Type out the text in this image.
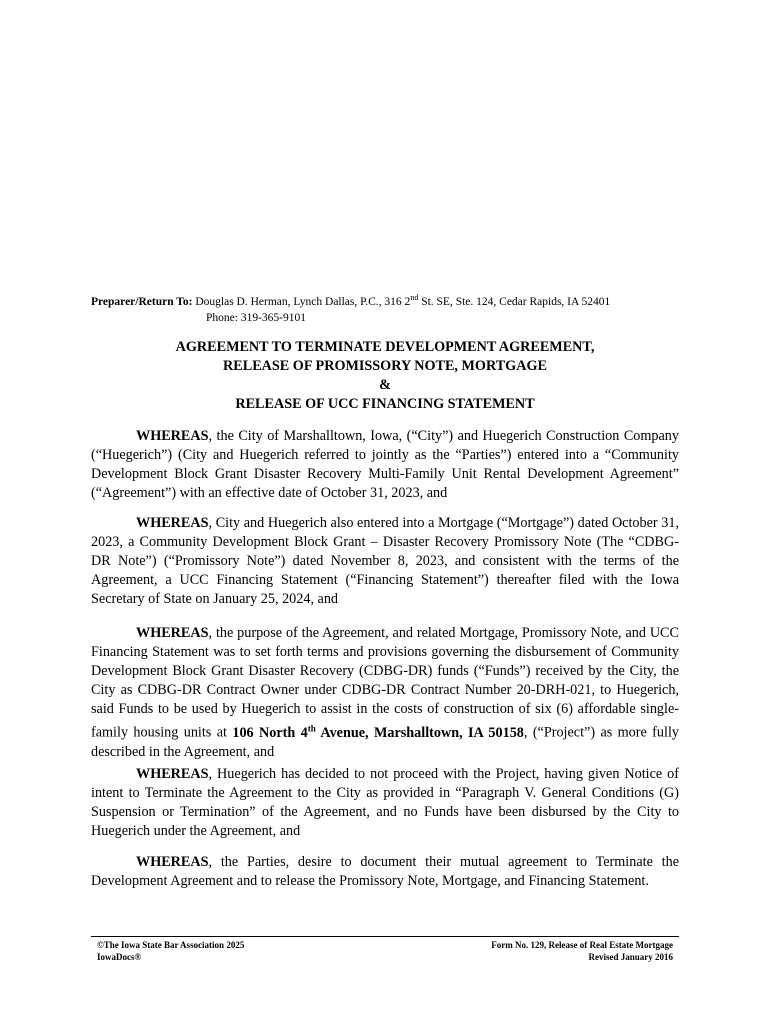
Preparer/Return To: Douglas D. Herman, Lynch Dallas, P.C., 316 2nd St. SE, Ste. 124, Cedar Rapids, IA 52401
Phone: 319-365-9101
AGREEMENT TO TERMINATE DEVELOPMENT AGREEMENT,
RELEASE OF PROMISSORY NOTE, MORTGAGE
&
RELEASE OF UCC FINANCING STATEMENT

WHEREAS, the City of Marshalltown, Iowa, (“City”) and Huegerich Construction Company (“Huegerich”) (City and Huegerich referred to jointly as the “Parties”) entered into a “Community Development Block Grant Disaster Recovery Multi-Family Unit Rental Development Agreement” (“Agreement”) with an effective date of October 31, 2023, and

WHEREAS, City and Huegerich also entered into a Mortgage (“Mortgage”) dated October 31, 2023, a Community Development Block Grant – Disaster Recovery Promissory Note (The “CDBG-DR Note”) (“Promissory Note”) dated November 8, 2023, and consistent with the terms of the Agreement, a UCC Financing Statement (“Financing Statement”) thereafter filed with the Iowa Secretary of State on January 25, 2024, and

WHEREAS, the purpose of the Agreement, and related Mortgage, Promissory Note, and UCC Financing Statement was to set forth terms and provisions governing the disbursement of Community Development Block Grant Disaster Recovery (CDBG-DR) funds (“Funds”) received by the City, the City as CDBG-DR Contract Owner under CDBG-DR Contract Number 20-DRH-021, to Huegerich, said Funds to be used by Huegerich to assist in the costs of construction of six (6) affordable single-family housing units at 106 North 4th Avenue, Marshalltown, IA 50158, (“Project”) as more fully described in the Agreement, and

WHEREAS, Huegerich has decided to not proceed with the Project, having given Notice of intent to Terminate the Agreement to the City as provided in “Paragraph V. General Conditions (G) Suspension or Termination” of the Agreement, and no Funds have been disbursed by the City to Huegerich under the Agreement, and

WHEREAS, the Parties, desire to document their mutual agreement to Terminate the Development Agreement and to release the Promissory Note, Mortgage, and Financing Statement.

©The Iowa State Bar Association 2025
IowaDocs®
Form No. 129, Release of Real Estate Mortgage
Revised January 2016
